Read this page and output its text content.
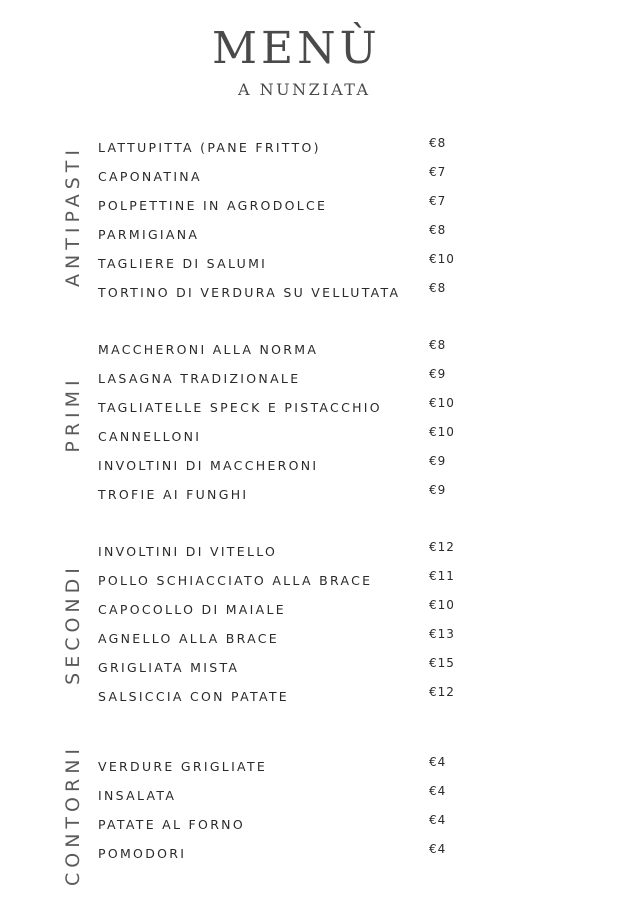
MENÙ
A NUNZIATA
ANTIPASTI LATTUPITTA (PANE FRITTO)	€8
CAPONATINA	€7
POLPETTINE IN AGRODOLCE	€7
PARMIGIANA	€8
TAGLIERE DI SALUMI	€10
TORTINO DI VERDURA SU VELLUTATA €8
PRIMI
MACCHERONI ALLA NORMA	€8
LASAGNA TRADIZIONALE	€9
TAGLIATELLE SPECK E PISTACCHIO	€10
CANNELLONI	€10
INVOLTINI DI MACCHERONI	€9
TROFIE AI FUNGHI	€9
SECONDI
INVOLTINI DI VITELLO	€12
POLLO SCHIACCIATO ALLA BRACE	€11
CAPOCOLLO DI MAIALE	€10
AGNELLO ALLA BRACE	€13
GRIGLIATA MISTA	€15
SALSICCIA CON PATATE	€12
CONTORNI VERDURE GRIGLIATE	€4
INSALATA	€4
PATATE AL FORNO	€4
POMODORI	€4
